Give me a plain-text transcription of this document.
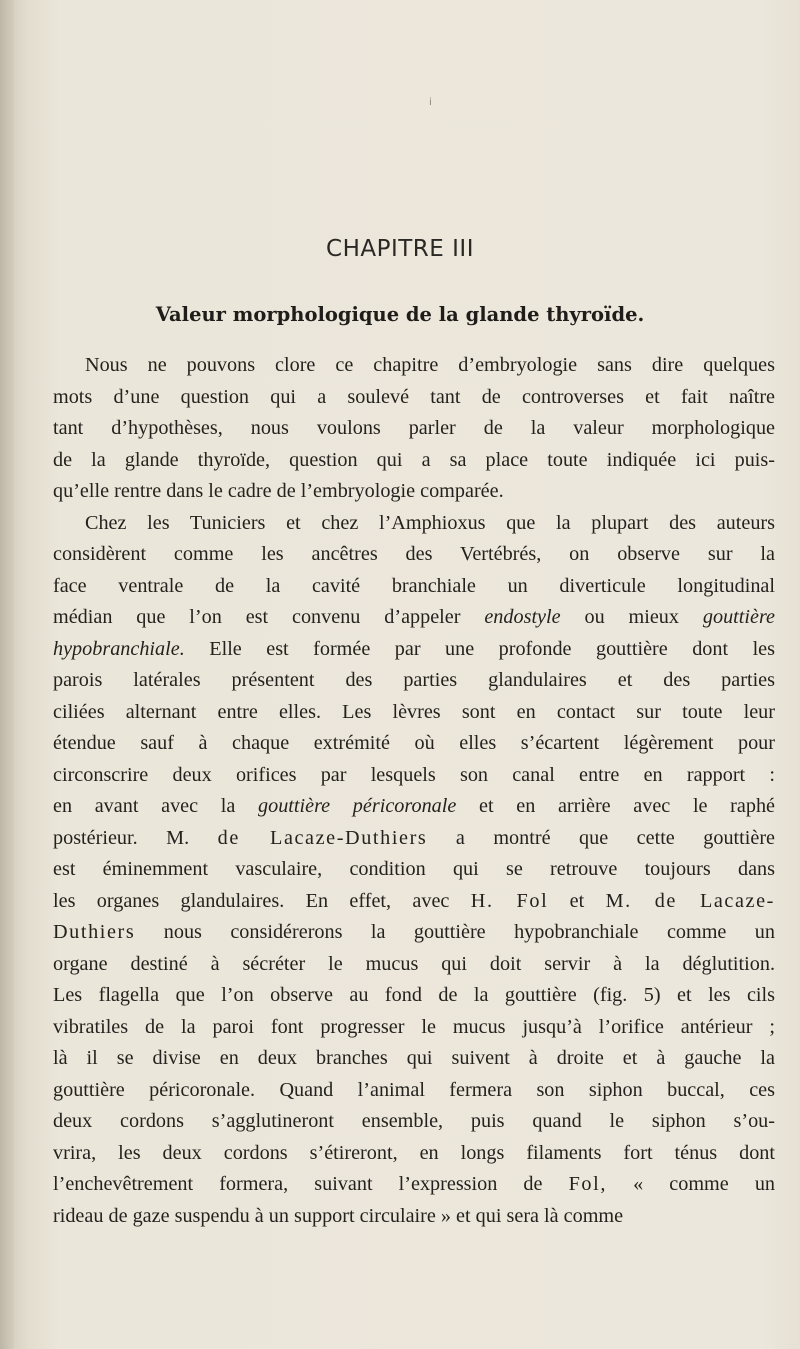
i
CHAPITRE III
Valeur morphologique de la glande thyroïde.
Nous ne pouvons clore ce chapitre d’embryologie sans dire quelques
mots d’une question qui a soulevé tant de controverses et fait naître
tant d’hypothèses, nous voulons parler de la valeur morphologique
de la glande thyroïde, question qui a sa place toute indiquée ici puis-
qu’elle rentre dans le cadre de l’embryologie comparée.
Chez les Tuniciers et chez l’Amphioxus que la plupart des auteurs
considèrent comme les ancêtres des Vertébrés, on observe sur la
face ventrale de la cavité branchiale un diverticule longitudinal
médian que l’on est convenu d’appeler endostyle ou mieux gouttière
hypobranchiale. Elle est formée par une profonde gouttière dont les
parois latérales présentent des parties glandulaires et des parties
ciliées alternant entre elles. Les lèvres sont en contact sur toute leur
étendue sauf à chaque extrémité où elles s’écartent légèrement pour
circonscrire deux orifices par lesquels son canal entre en rapport :
en avant avec la gouttière péricoronale et en arrière avec le raphé
postérieur. M. de Lacaze-Duthiers a montré que cette gouttière
est éminemment vasculaire, condition qui se retrouve toujours dans
les organes glandulaires. En effet, avec H. Fol et M. de Lacaze-
Duthiers nous considérerons la gouttière hypobranchiale comme un
organe destiné à sécréter le mucus qui doit servir à la déglutition.
Les flagella que l’on observe au fond de la gouttière (fig. 5) et les cils
vibratiles de la paroi font progresser le mucus jusqu’à l’orifice antérieur ;
là il se divise en deux branches qui suivent à droite et à gauche la
gouttière péricoronale. Quand l’animal fermera son siphon buccal, ces
deux cordons s’agglutineront ensemble, puis quand le siphon s’ou-
vrira, les deux cordons s’étireront, en longs filaments fort ténus dont
l’enchevêtrement formera, suivant l’expression de Fol, « comme un
rideau de gaze suspendu à un support circulaire » et qui sera là comme
